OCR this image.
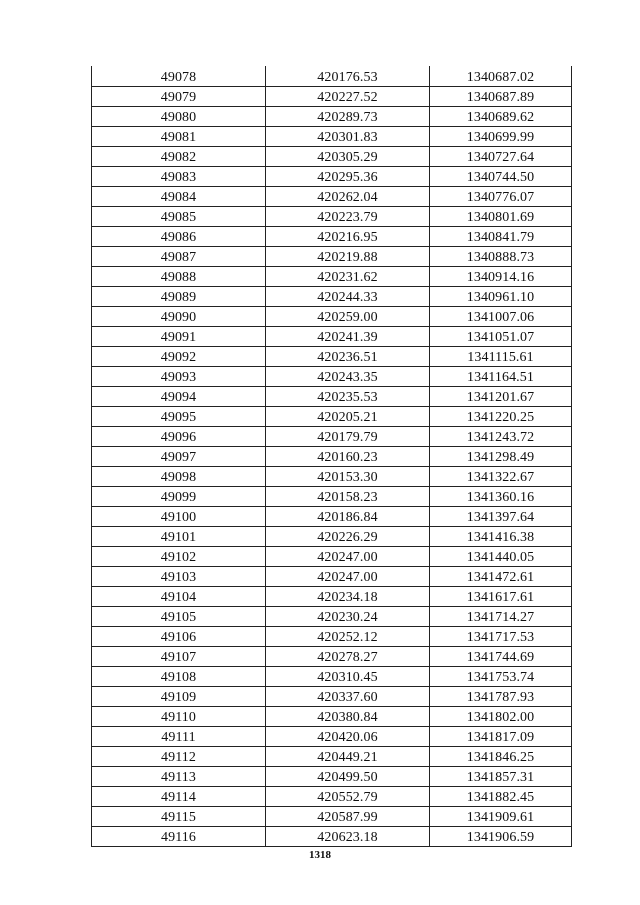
49078	420176.53	1340687.02
49079	420227.52	1340687.89
49080	420289.73	1340689.62
49081	420301.83	1340699.99
49082	420305.29	1340727.64
49083	420295.36	1340744.50
49084	420262.04	1340776.07
49085	420223.79	1340801.69
49086	420216.95	1340841.79
49087	420219.88	1340888.73
49088	420231.62	1340914.16
49089	420244.33	1340961.10
49090	420259.00	1341007.06
49091	420241.39	1341051.07
49092	420236.51	1341115.61
49093	420243.35	1341164.51
49094	420235.53	1341201.67
49095	420205.21	1341220.25
49096	420179.79	1341243.72
49097	420160.23	1341298.49
49098	420153.30	1341322.67
49099	420158.23	1341360.16
49100	420186.84	1341397.64
49101	420226.29	1341416.38
49102	420247.00	1341440.05
49103	420247.00	1341472.61
49104	420234.18	1341617.61
49105	420230.24	1341714.27
49106	420252.12	1341717.53
49107	420278.27	1341744.69
49108	420310.45	1341753.74
49109	420337.60	1341787.93
49110	420380.84	1341802.00
49111	420420.06	1341817.09
49112	420449.21	1341846.25
49113	420499.50	1341857.31
49114	420552.79	1341882.45
49115	420587.99	1341909.61
49116	420623.18	1341906.59
1318
